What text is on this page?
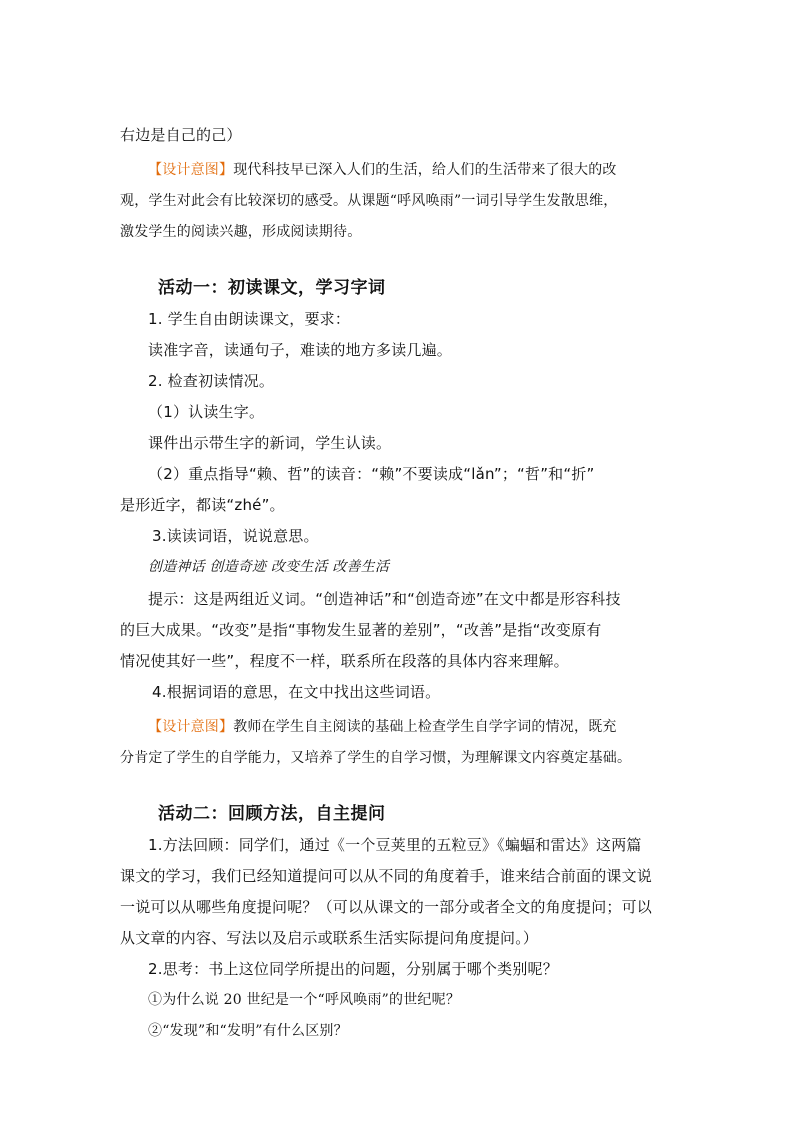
右边是自己的己）
【设计意图】现代科技早已深入人们的生活，给人们的生活带来了很大的改
观，学生对此会有比较深切的感受。从课题“呼风唤雨”一词引导学生发散思维，
激发学生的阅读兴趣，形成阅读期待。
活动一：初读课文，学习字词
1. 学生自由朗读课文，要求：
读准字音，读通句子，难读的地方多读几遍。
2. 检查初读情况。
（1）认读生字。
课件出示带生字的新词，学生认读。
（2）重点指导“赖、哲”的读音：“赖”不要读成“lǎn”；“哲”和“折”
是形近字，都读“zhé”。
3.读读词语，说说意思。
创造神话 创造奇迹 改变生活 改善生活
提示：这是两组近义词。“创造神话”和“创造奇迹”在文中都是形容科技
的巨大成果。“改变”是指“事物发生显著的差别”，“改善”是指“改变原有
情况使其好一些”，程度不一样，联系所在段落的具体内容来理解。
4.根据词语的意思，在文中找出这些词语。
【设计意图】教师在学生自主阅读的基础上检查学生自学字词的情况，既充
分肯定了学生的自学能力，又培养了学生的自学习惯，为理解课文内容奠定基础。
活动二：回顾方法，自主提问
1.方法回顾：同学们，通过《一个豆荚里的五粒豆》《蝙蝠和雷达》这两篇
课文的学习，我们已经知道提问可以从不同的角度着手，谁来结合前面的课文说
一说可以从哪些角度提问呢？（可以从课文的一部分或者全文的角度提问；可以
从文章的内容、写法以及启示或联系生活实际提问角度提问。）
2.思考：书上这位同学所提出的问题，分别属于哪个类别呢？
①为什么说 20 世纪是一个“呼风唤雨”的世纪呢？
②“发现”和“发明”有什么区别？
